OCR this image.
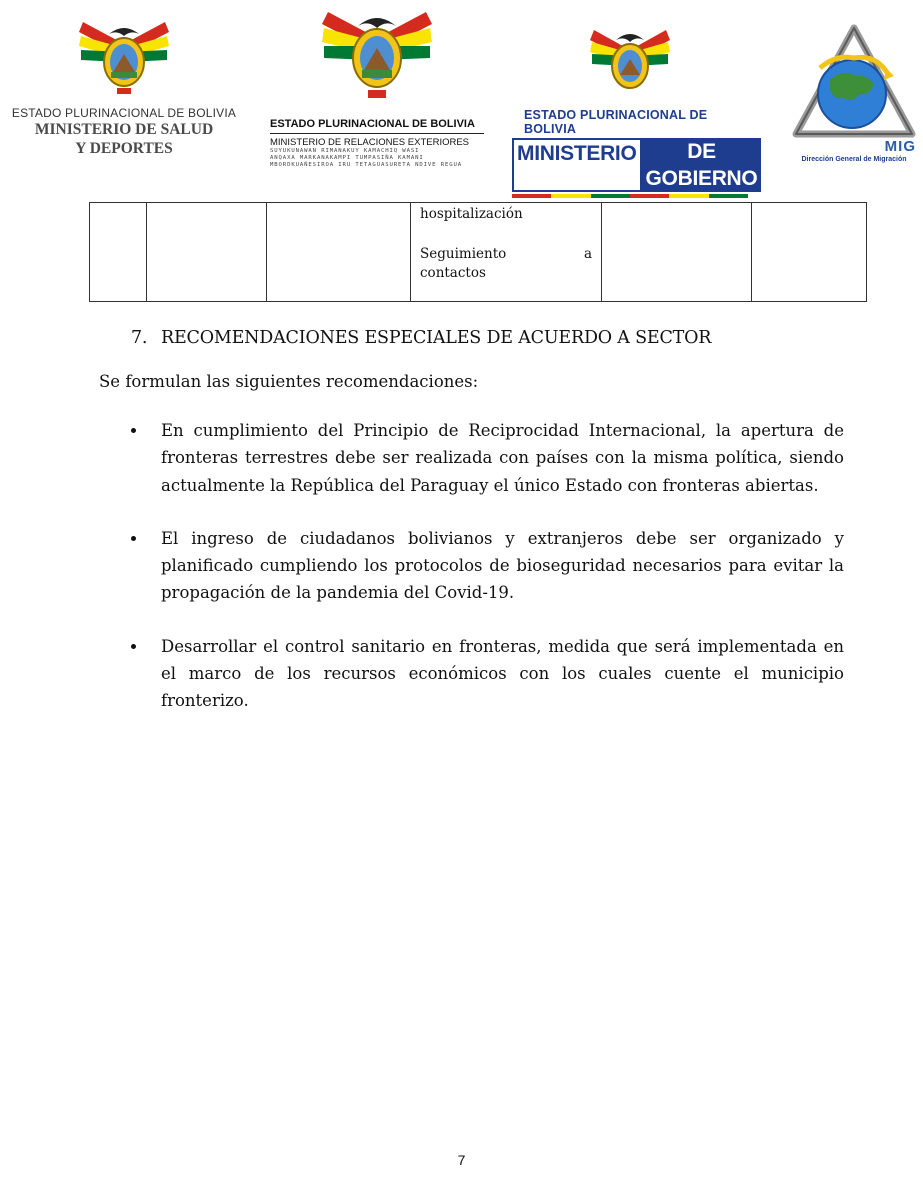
ESTADO PLURINACIONAL DE BOLIVIA
MINISTERIO DE SALUD
Y DEPORTES
ESTADO PLURINACIONAL DE BOLIVIA
MINISTERIO DE RELACIONES EXTERIORES
SUYUKUNAWAN RIMANAKUY KAMACHIQ WASI
ANQAXA MARKANAKAMPI TUMPASIÑA KAMANI
MBORDKUAÑESIROA IRU TETAGUASURETA NDIVE REGUA
ESTADO PLURINACIONAL DE BOLIVIA
MINISTERIO	DE GOBIERNO
MIG
Dirección General de Migración
hospitalización
Seguimiento	a
contactos
7. RECOMENDACIONES ESPECIALES DE ACUERDO A SECTOR
Se formulan las siguientes recomendaciones:
En cumplimiento del Principio de Reciprocidad Internacional, la apertura de fronteras terrestres debe ser realizada con países con la misma política, siendo actualmente la República del Paraguay el único Estado con fronteras abiertas.
El ingreso de ciudadanos bolivianos y extranjeros debe ser organizado y planificado cumpliendo los protocolos de bioseguridad necesarios para evitar la propagación de la pandemia del Covid-19.
Desarrollar el control sanitario en fronteras, medida que será implementada en el marco de los recursos económicos con los cuales cuente el municipio fronterizo.
7
